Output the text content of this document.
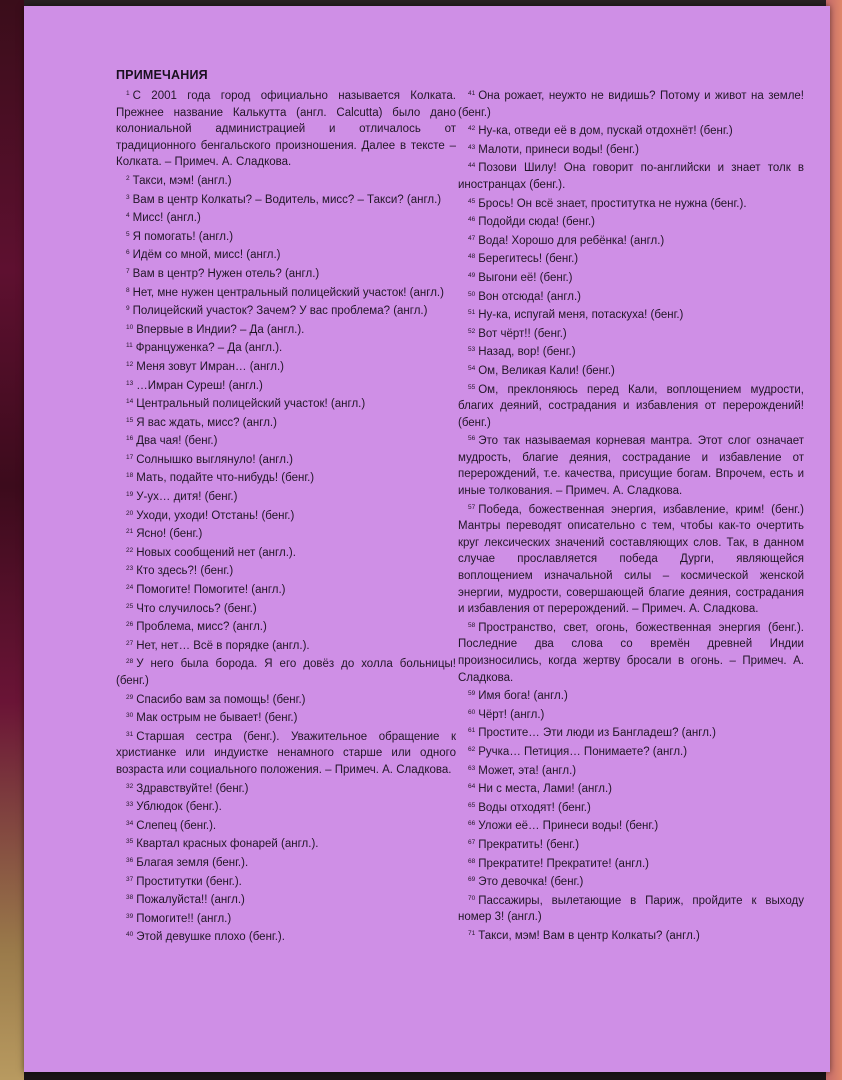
ПРИМЕЧАНИЯ

$^1$ С 2001 года город официально называется Колката. Прежнее название Калькутта (англ. Calcutta) было дано колониальной администрацией и отличалось от традиционного бенгальского произношения. Далее в тексте – Колката. – Примеч. А. Сладкова.

$^2$ Такси, мэм! (англ.)

$^3$ Вам в центр Колкаты? – Водитель, мисс? – Такси? (англ.)

$^4$ Мисс! (англ.)

$^5$ Я помогать! (англ.)

$^6$ Идём со мной, мисс! (англ.)

$^7$ Вам в центр? Нужен отель? (англ.)

$^8$ Нет, мне нужен центральный полицейский участок! (англ.)

$^9$ Полицейский участок? Зачем? У вас проблема? (англ.)

$^{10}$ Впервые в Индии? – Да (англ.).

$^{11}$ Француженка? – Да (англ.).

$^{12}$ Меня зовут Имран… (англ.)

$^{13}$ …Имран Суреш! (англ.)

$^{14}$ Центральный полицейский участок! (англ.)

$^{15}$ Я вас ждать, мисс? (англ.)

$^{16}$ Два чая! (бенг.)

$^{17}$ Солнышко выглянуло! (англ.)

$^{18}$ Мать, подайте что-нибудь! (бенг.)

$^{19}$ У-ух… дитя! (бенг.)

$^{20}$ Уходи, уходи! Отстань! (бенг.)

$^{21}$ Ясно! (бенг.)

$^{22}$ Новых сообщений нет (англ.).

$^{23}$ Кто здесь?! (бенг.)

$^{24}$ Помогите! Помогите! (англ.)

$^{25}$ Что случилось? (бенг.)

$^{26}$ Проблема, мисс? (англ.)

$^{27}$ Нет, нет… Всё в порядке (англ.).

$^{28}$ У него была борода. Я его довёз до холла больницы! (бенг.)

$^{29}$ Спасибо вам за помощь! (бенг.)

$^{30}$ Мак острым не бывает! (бенг.)

$^{31}$ Старшая сестра (бенг.). Уважительное обращение к христианке или индуистке ненамного старше или одного возраста или социального положения. – Примеч. А. Сладкова.

$^{32}$ Здравствуйте! (бенг.)

$^{33}$ Ублюдок (бенг.).

$^{34}$ Слепец (бенг.).

$^{35}$ Квартал красных фонарей (англ.).

$^{36}$ Благая земля (бенг.).

$^{37}$ Проститутки (бенг.).

$^{38}$ Пожалуйста!! (англ.)

$^{39}$ Помогите!! (англ.)

$^{40}$ Этой девушке плохо (бенг.).

$^{41}$ Она рожает, неужто не видишь? Потому и живот на земле! (бенг.)

$^{42}$ Ну-ка, отведи её в дом, пускай отдохнёт! (бенг.)

$^{43}$ Малоти, принеси воды! (бенг.)

$^{44}$ Позови Шилу! Она говорит по-английски и знает толк в иностранцах (бенг.).

$^{45}$ Брось! Он всё знает, проститутка не нужна (бенг.).

$^{46}$ Подойди сюда! (бенг.)

$^{47}$ Вода! Хорошо для ребёнка! (англ.)

$^{48}$ Берегитесь! (бенг.)

$^{49}$ Выгони её! (бенг.)

$^{50}$ Вон отсюда! (англ.)

$^{51}$ Ну-ка, испугай меня, потаскуха! (бенг.)

$^{52}$ Вот чёрт!! (бенг.)

$^{53}$ Назад, вор! (бенг.)

$^{54}$ Ом, Великая Кали! (бенг.)

$^{55}$ Ом, преклоняюсь перед Кали, воплощением мудрости, благих деяний, сострадания и избавления от перерождений! (бенг.)

$^{56}$ Это так называемая корневая мантра. Этот слог означает мудрость, благие деяния, сострадание и избавление от перерождений, т.е. качества, присущие богам. Впрочем, есть и иные толкования. – Примеч. А. Сладкова.

$^{57}$ Победа, божественная энергия, избавление, крим! (бенг.) Мантры переводят описательно с тем, чтобы как-то очертить круг лексических значений составляющих слов. Так, в данном случае прославляется победа Дурги, являющейся воплощением изначальной силы – космической женской энергии, мудрости, совершающей благие деяния, сострадания и избавления от перерождений. – Примеч. А. Сладкова.

$^{58}$ Пространство, свет, огонь, божественная энергия (бенг.). Последние два слова со времён древней Индии произносились, когда жертву бросали в огонь. – Примеч. А. Сладкова.

$^{59}$ Имя бога! (англ.)

$^{60}$ Чёрт! (англ.)

$^{61}$ Простите… Эти люди из Бангладеш? (англ.)

$^{62}$ Ручка… Петиция… Понимаете? (англ.)

$^{63}$ Может, эта! (англ.)

$^{64}$ Ни с места, Лами! (англ.)

$^{65}$ Воды отходят! (бенг.)

$^{66}$ Уложи её… Принеси воды! (бенг.)

$^{67}$ Прекратить! (бенг.)

$^{68}$ Прекратите! Прекратите! (англ.)

$^{69}$ Это девочка! (бенг.)

$^{70}$ Пассажиры, вылетающие в Париж, пройдите к выходу номер 3! (англ.)

$^{71}$ Такси, мэм! Вам в центр Колкаты? (англ.)
